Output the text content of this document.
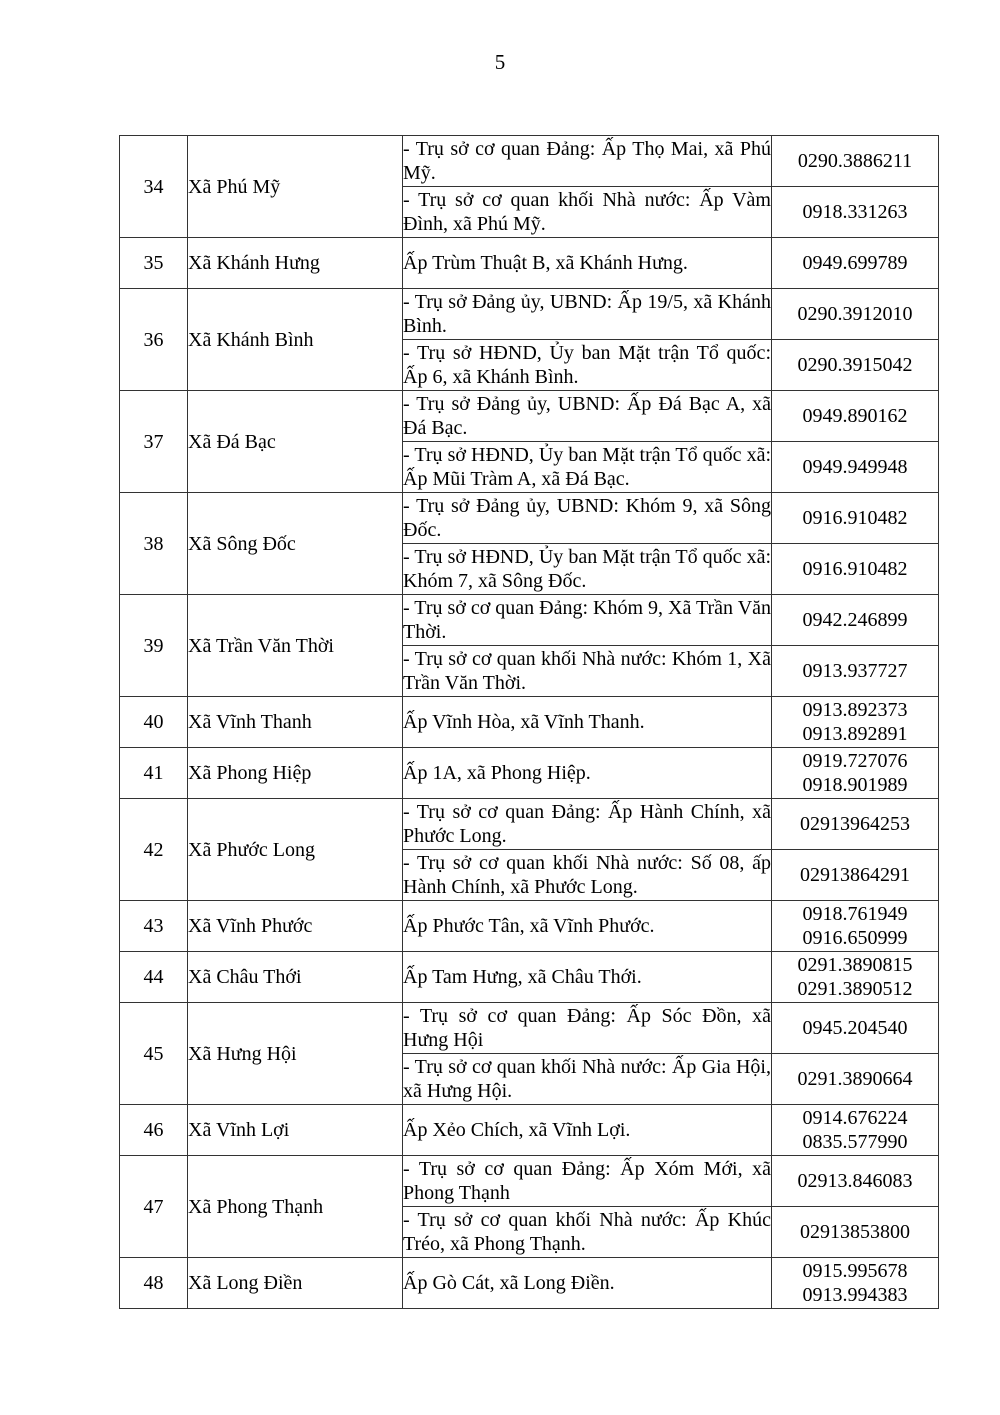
5
34	Xã Phú Mỹ	- Trụ sở cơ quan Đảng: Ấp Thọ Mai, xã Phú Mỹ.	0290.3886211

		- Trụ sở cơ quan khối Nhà nước: Ấp Vàm Đình, xã Phú Mỹ.	0918.331263

35	Xã Khánh Hưng	Ấp Trùm Thuật B, xã Khánh Hưng.	0949.699789

36	Xã Khánh Bình	- Trụ sở Đảng ủy, UBND: Ấp 19/5, xã Khánh Bình.	0290.3912010

		- Trụ sở HĐND, Ủy ban Mặt trận Tổ quốc: Ấp 6, xã Khánh Bình.	0290.3915042

37	Xã Đá Bạc	- Trụ sở Đảng ủy, UBND: Ấp Đá Bạc A, xã Đá Bạc.	0949.890162

		- Trụ sở HĐND, Ủy ban Mặt trận Tổ quốc xã: Ấp Mũi Tràm A, xã Đá Bạc.	0949.949948

38	Xã Sông Đốc	- Trụ sở Đảng ủy, UBND: Khóm 9, xã Sông Đốc.	0916.910482

		- Trụ sở HĐND, Ủy ban Mặt trận Tổ quốc xã: Khóm 7, xã Sông Đốc.	0916.910482

39	Xã Trần Văn Thời	- Trụ sở cơ quan Đảng: Khóm 9, Xã Trần Văn Thời.	0942.246899

		- Trụ sở cơ quan khối Nhà nước: Khóm 1, Xã Trần Văn Thời.	0913.937727

40	Xã Vĩnh Thanh	Ấp Vĩnh Hòa, xã Vĩnh Thanh.	0913.892373
0913.892891

41	Xã Phong Hiệp	Ấp 1A, xã Phong Hiệp.	0919.727076
0918.901989

42	Xã Phước Long	- Trụ sở cơ quan Đảng: Ấp Hành Chính, xã Phước Long.	02913964253

		- Trụ sở cơ quan khối Nhà nước: Số 08, ấp Hành Chính, xã Phước Long.	02913864291

43	Xã Vĩnh Phước	Ấp Phước Tân, xã Vĩnh Phước.	0918.761949
0916.650999

44	Xã Châu Thới	Ấp Tam Hưng, xã Châu Thới.	0291.3890815
0291.3890512

45	Xã Hưng Hội	- Trụ sở cơ quan Đảng: Ấp Sóc Đồn, xã Hưng Hội	0945.204540

		- Trụ sở cơ quan khối Nhà nước: Ấp Gia Hội, xã Hưng Hội.	0291.3890664

46	Xã Vĩnh Lợi	Ấp Xẻo Chích, xã Vĩnh Lợi.	0914.676224
0835.577990

47	Xã Phong Thạnh	- Trụ sở cơ quan Đảng: Ấp Xóm Mới, xã Phong Thạnh	02913.846083

		- Trụ sở cơ quan khối Nhà nước: Ấp Khúc Tréo, xã Phong Thạnh.	02913853800

48	Xã Long Điền	Ấp Gò Cát, xã Long Điền.	0915.995678
0913.994383
